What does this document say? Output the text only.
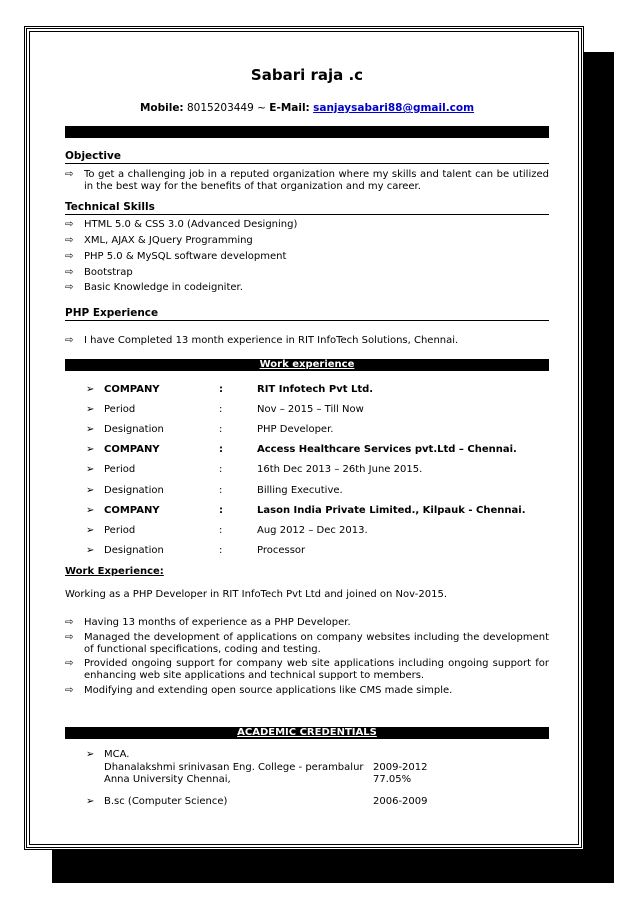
Sabari raja .c
Mobile: 8015203449 ~ E-Mail: sanjaysabari88@gmail.com
Objective
⇨ To get a challenging job in a reputed organization where my skills and talent can be utilized in the best way for the benefits of that organization and my career.
Technical Skills
⇨ HTML 5.0 & CSS 3.0 (Advanced Designing)
⇨ XML, AJAX & JQuery Programming
⇨ PHP 5.0 & MySQL software development
⇨ Bootstrap
⇨ Basic Knowledge in codeigniter.
PHP Experience
⇨ I have Completed 13 month experience in RIT InfoTech Solutions, Chennai.
Work experience
➢ COMPANY	:	RIT Infotech Pvt Ltd.
➢ Period	:	Nov – 2015 – Till Now
➢ Designation	:	PHP Developer.
➢ COMPANY	:	Access Healthcare Services pvt.Ltd – Chennai.
➢ Period	:	16th Dec 2013 – 26th June 2015.
➢ Designation	:	Billing Executive.
➢ COMPANY	:	Lason India Private Limited., Kilpauk - Chennai.
➢ Period	:	Aug 2012 – Dec 2013.
➢ Designation	:	Processor
Work Experience:
Working as a PHP Developer in RIT InfoTech Pvt Ltd and joined on Nov-2015.
⇨ Having 13 months of experience as a PHP Developer.
⇨ Managed the development of applications on company websites including the development of functional specifications, coding and testing.
⇨ Provided ongoing support for company web site applications including ongoing support for enhancing web site applications and technical support to members.
⇨ Modifying and extending open source applications like CMS made simple.
ACADEMIC CREDENTIALS
➢ MCA.
Dhanalakshmi srinivasan Eng. College - perambalur 2009-2012
Anna University Chennai,	77.05%
➢ B.sc (Computer Science)	2006-2009
